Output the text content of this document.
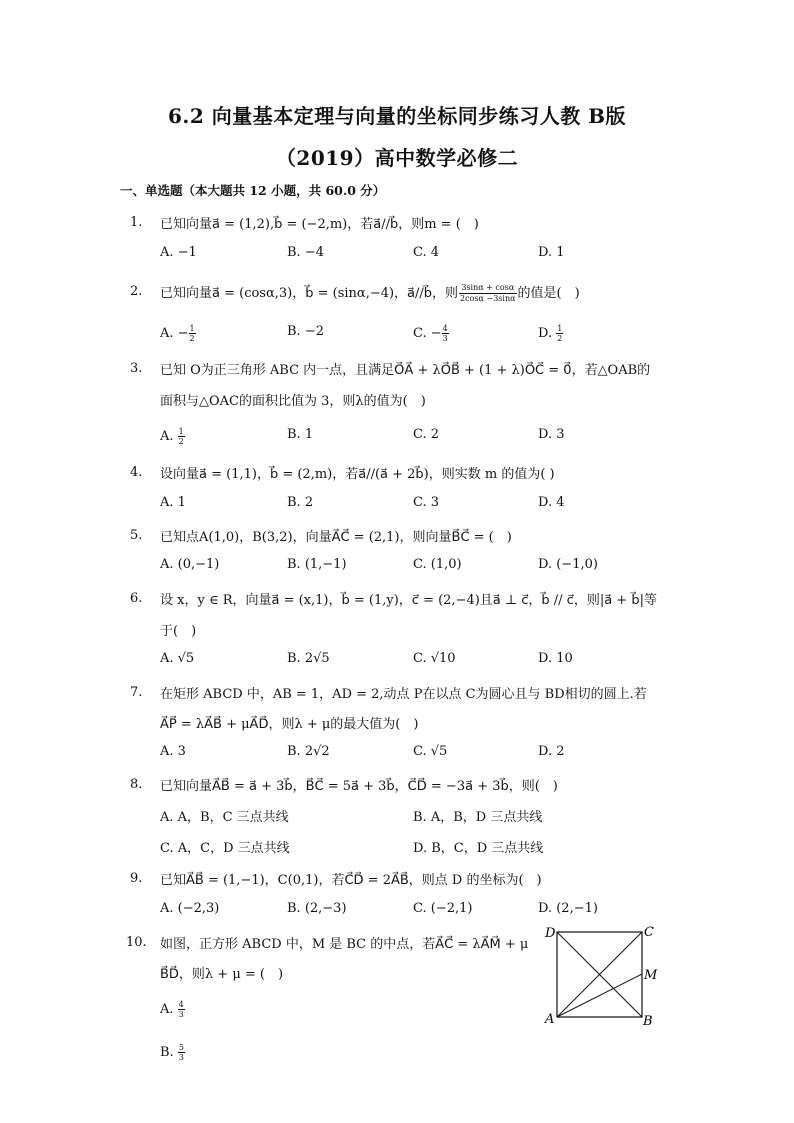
6.2 向量基本定理与向量的坐标同步练习人教 B版
（2019）高中数学必修二
一、单选题（本大题共 12 小题，共 60.0 分）
1. 已知向量a⃗ = (1,2),b⃗ = (−2,m)，若a⃗//b⃗，则m = (　)
A. −1	B. −4	C. 4	D. 1
2. 已知向量a⃗ = (cosα,3)，b⃗ = (sinα,−4)，a⃗//b⃗，则 $\frac{3\sin\alpha + \cos\alpha}{2\cos\alpha -3\sin\alpha}$ 的值是(　)
A. − $\frac{1}{2}$	B. −2	C. − $\frac{4}{3}$	D. $\frac{1}{2}$
3. 已知 O为正三角形 ABC 内一点，且满足O⃗A⃗ + λO⃗B⃗ + (1 + λ)O⃗C⃗ = 0⃗，若△OAB的
面积与△OAC的面积比值为 3，则λ的值为(　)
A. $\frac{1}{2}$	B. 1	C. 2	D. 3
4. 设向量a⃗ = (1,1)，b⃗ = (2,m)，若a⃗//(a⃗ + 2b⃗)，则实数 m 的值为( )
A. 1	B. 2	C. 3	D. 4
5. 已知点A(1,0)，B(3,2)，向量A⃗C⃗ = (2,1)，则向量B⃗C⃗ = (　)
A. (0,−1)	B. (1,−1)	C. (1,0)	D. (−1,0)
6. 设 x，y ∈ R，向量a⃗ = (x,1)，b⃗ = (1,y)，c⃗ = (2,−4)且a⃗ ⊥ c⃗，b⃗ // c⃗，则|a⃗ + b⃗|等
于(　)
A. √5	B. 2√5	C. √10	D. 10
7. 在矩形 ABCD 中，AB = 1，AD = 2,动点 P在以点 C为圆心且与 BD相切的圆上.若
A⃗P⃗ = λA⃗B⃗ + μA⃗D⃗，则λ + μ的最大值为(　)
A. 3	B. 2√2	C. √5	D. 2
8. 已知向量A⃗B⃗ = a⃗ + 3b⃗，B⃗C⃗ = 5a⃗ + 3b⃗，C⃗D⃗ = −3a⃗ + 3b⃗，则(　)
A. A，B，C 三点共线	B. A，B，D 三点共线
C. A，C，D 三点共线	D. B，C，D 三点共线
9. 已知A⃗B⃗ = (1,−1)，C(0,1)，若C⃗D⃗ = 2A⃗B⃗，则点 D 的坐标为(　)
A. (−2,3)	B. (2,−3)	C. (−2,1)	D. (2,−1)
10. 如图，正方形 ABCD 中，M 是 BC 的中点，若A⃗C⃗ = λA⃗M⃗ + μ
B⃗D⃗，则λ + μ = (　)
A. $\frac{4}{3}$
B. $\frac{5}{3}$
D	C
M
A	B
